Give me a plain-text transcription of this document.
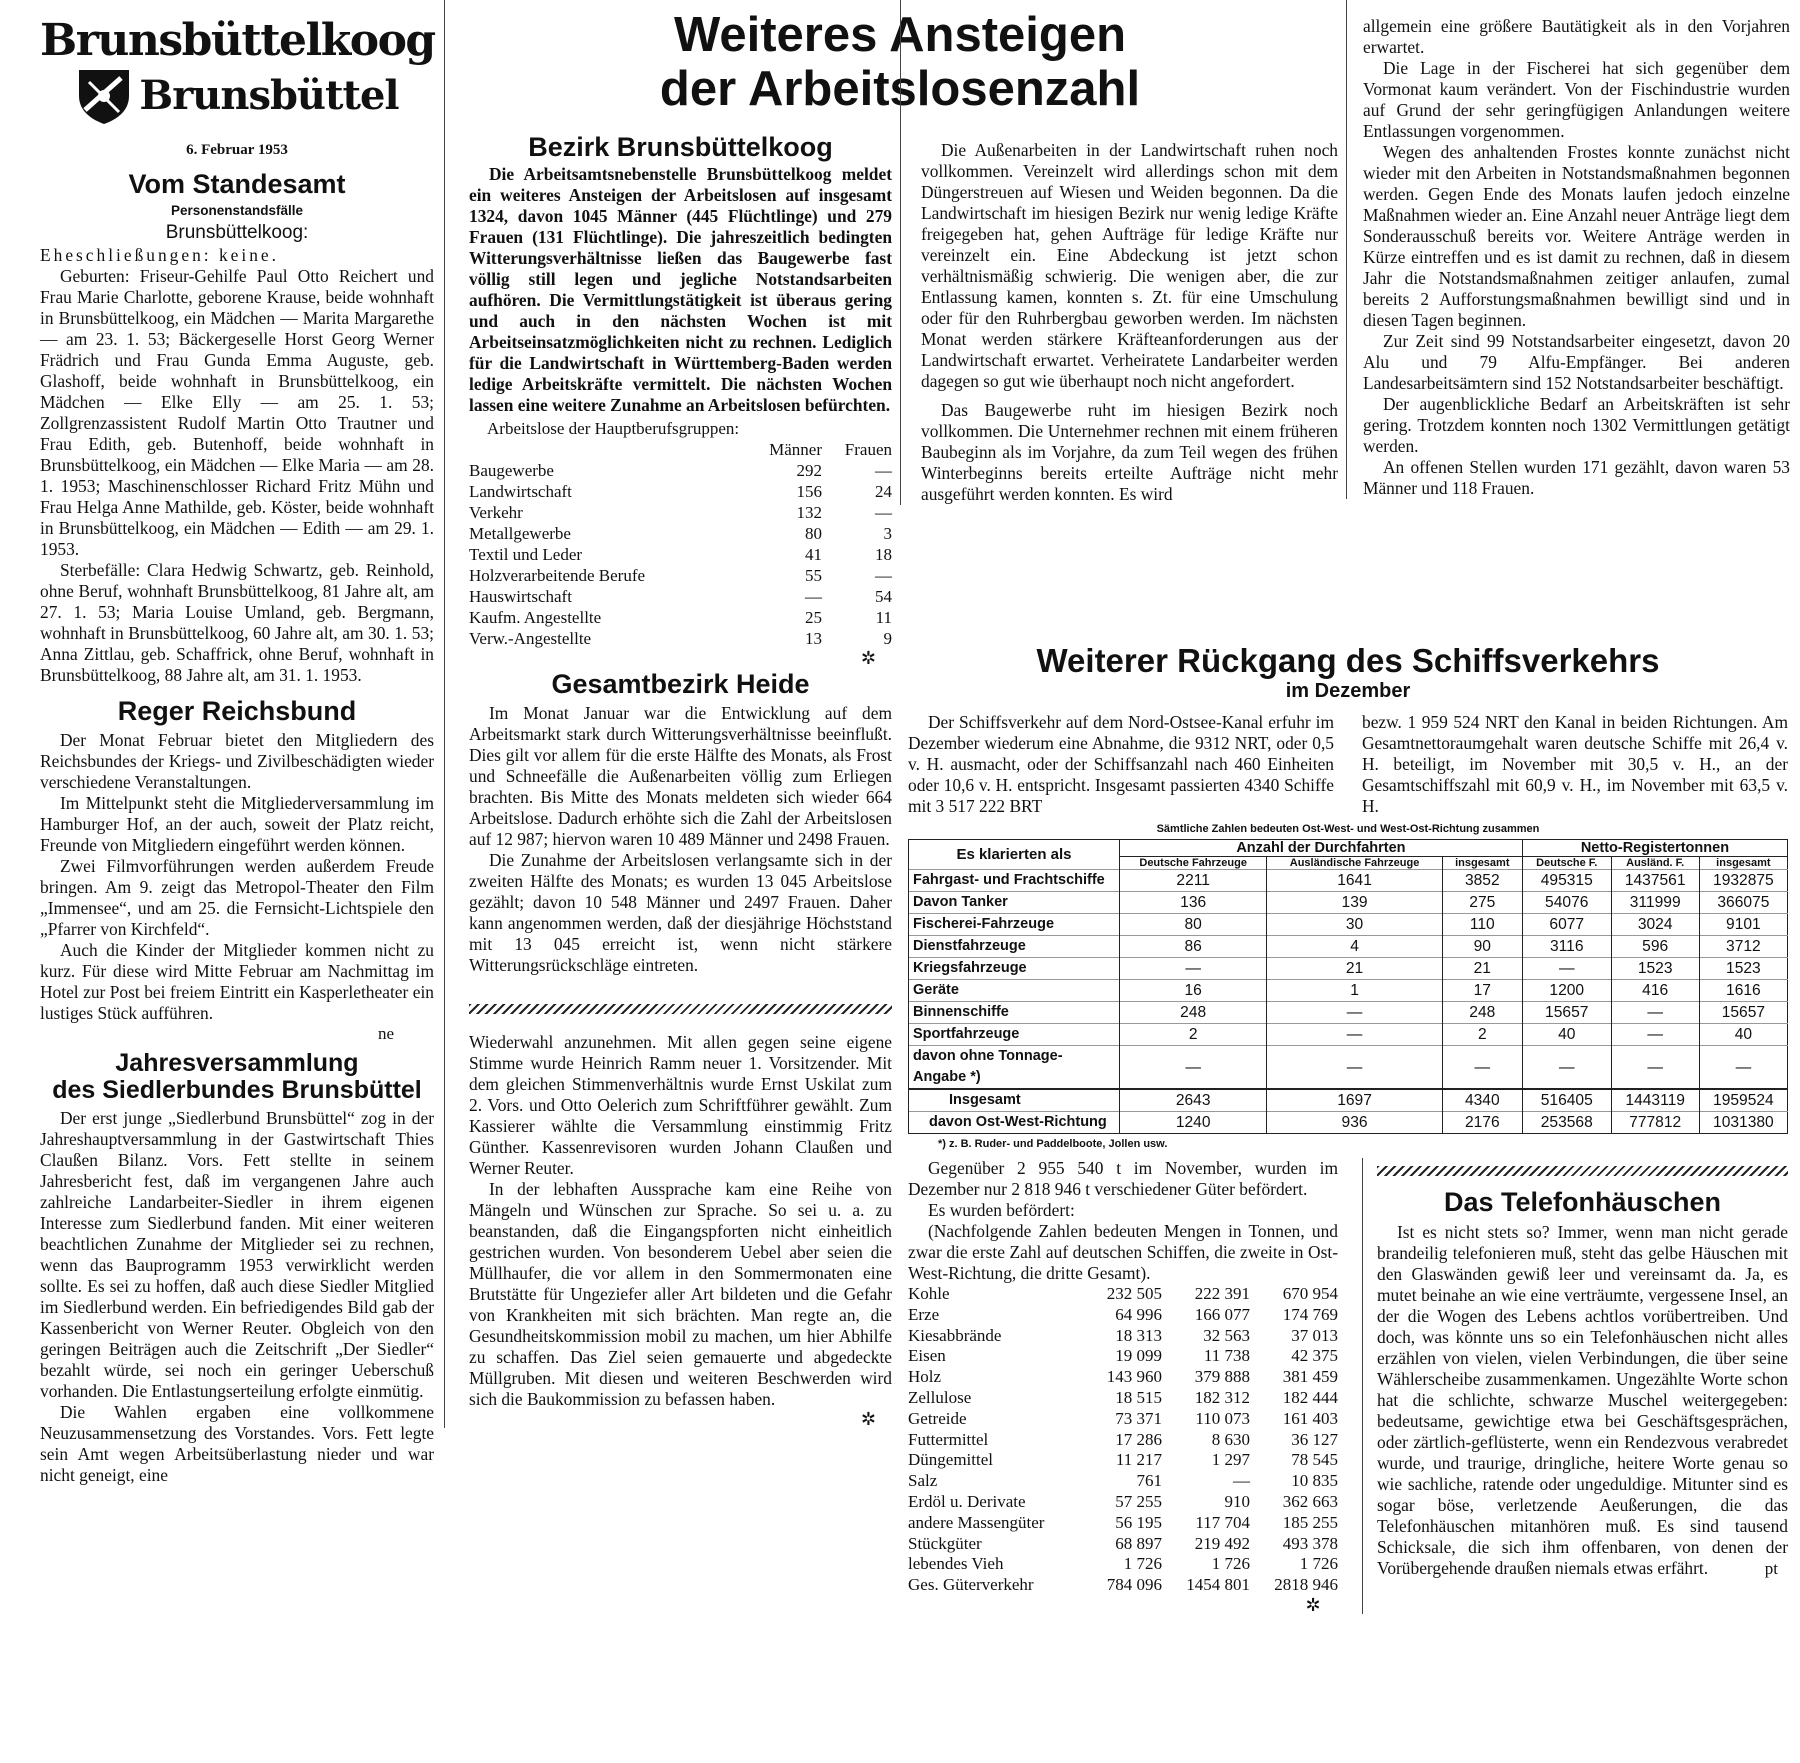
Brunsbüttelkoog
Brunsbüttel
6. Februar 1953
Vom Standesamt
Personenstandsfälle
Brunsbüttelkoog:

Eheschließungen: keine.

Geburten: Friseur-Gehilfe Paul Otto Reichert und Frau Marie Charlotte, geborene Krause, beide wohnhaft in Brunsbüttelkoog, ein Mädchen — Marita Margarethe — am 23. 1. 53; Bäckergeselle Horst Georg Werner Frädrich und Frau Gunda Emma Auguste, geb. Glashoff, beide wohnhaft in Brunsbüttelkoog, ein Mädchen — Elke Elly — am 25. 1. 53; Zollgrenzassistent Rudolf Martin Otto Trautner und Frau Edith, geb. Butenhoff, beide wohnhaft in Brunsbüttelkoog, ein Mädchen — Elke Maria — am 28. 1. 1953; Maschinenschlosser Richard Fritz Mühn und Frau Helga Anne Mathilde, geb. Köster, beide wohnhaft in Brunsbüttelkoog, ein Mädchen — Edith — am 29. 1. 1953.

Sterbefälle: Clara Hedwig Schwartz, geb. Reinhold, ohne Beruf, wohnhaft Brunsbüttelkoog, 81 Jahre alt, am 27. 1. 53; Maria Louise Umland, geb. Bergmann, wohnhaft in Brunsbüttelkoog, 60 Jahre alt, am 30. 1. 53; Anna Zittlau, geb. Schaffrick, ohne Beruf, wohnhaft in Brunsbüttelkoog, 88 Jahre alt, am 31. 1. 1953.

Reger Reichsbund

Der Monat Februar bietet den Mitgliedern des Reichsbundes der Kriegs- und Zivilbeschädigten wieder verschiedene Veranstaltungen.

Im Mittelpunkt steht die Mitgliederversammlung im Hamburger Hof, an der auch, soweit der Platz reicht, Freunde von Mitgliedern eingeführt werden können.

Zwei Filmvorführungen werden außerdem Freude bringen. Am 9. zeigt das Metropol-Theater den Film „Immensee“, und am 25. die Fernsicht-Lichtspiele den „Pfarrer von Kirchfeld“.

Auch die Kinder der Mitglieder kommen nicht zu kurz. Für diese wird Mitte Februar am Nachmittag im Hotel zur Post bei freiem Eintritt ein Kasperletheater ein lustiges Stück aufführen.

ne
Jahresversammlung
des Siedlerbundes Brunsbüttel

Der erst junge „Siedlerbund Brunsbüttel“ zog in der Jahreshauptversammlung in der Gastwirtschaft Thies Claußen Bilanz. Vors. Fett stellte in seinem Jahresbericht fest, daß im vergangenen Jahre auch zahlreiche Landarbeiter-Siedler in ihrem eigenen Interesse zum Siedlerbund fanden. Mit einer weiteren beachtlichen Zunahme der Mitglieder sei zu rechnen, wenn das Bauprogramm 1953 verwirklicht werden sollte. Es sei zu hoffen, daß auch diese Siedler Mitglied im Siedlerbund werden. Ein befriedigendes Bild gab der Kassenbericht von Werner Reuter. Obgleich von den geringen Beiträgen auch die Zeitschrift „Der Siedler“ bezahlt würde, sei noch ein geringer Ueberschuß vorhanden. Die Entlastungserteilung erfolgte einmütig.

Die Wahlen ergaben eine vollkommene Neuzusammensetzung des Vorstandes. Vors. Fett legte sein Amt wegen Arbeitsüberlastung nieder und war nicht geneigt, eine

Bezirk Brunsbüttelkoog

Die Arbeitsamtsnebenstelle Brunsbüttelkoog meldet ein weiteres Ansteigen der Arbeitslosen auf insgesamt 1324, davon 1045 Männer (445 Flüchtlinge) und 279 Frauen (131 Flüchtlinge). Die jahreszeitlich bedingten Witterungsverhältnisse ließen das Baugewerbe fast völlig still legen und jegliche Notstandsarbeiten aufhören. Die Vermittlungstätigkeit ist überaus gering und auch in den nächsten Wochen ist mit Arbeitseinsatzmöglichkeiten nicht zu rechnen. Lediglich für die Landwirtschaft in Württemberg-Baden werden ledige Arbeitskräfte vermittelt. Die nächsten Wochen lassen eine weitere Zunahme an Arbeitslosen befürchten.

Arbeitslose der Hauptberufsgruppen:
	Männer	Frauen
Baugewerbe	292	—
Landwirtschaft	156	24
Verkehr	132	—
Metallgewerbe	80	3
Textil und Leder	41	18
Holzverarbeitende Berufe	55	—
Hauswirtschaft	—	54
Kaufm. Angestellte	25	11
Verw.-Angestellte	13	9
✲
Gesamtbezirk Heide

Im Monat Januar war die Entwicklung auf dem Arbeitsmarkt stark durch Witterungsverhältnisse beeinflußt. Dies gilt vor allem für die erste Hälfte des Monats, als Frost und Schneefälle die Außenarbeiten völlig zum Erliegen brachten. Bis Mitte des Monats meldeten sich wieder 664 Arbeitslose. Dadurch erhöhte sich die Zahl der Arbeitslosen auf 12 987; hiervon waren 10 489 Männer und 2498 Frauen.

Die Zunahme der Arbeitslosen verlangsamte sich in der zweiten Hälfte des Monats; es wurden 13 045 Arbeitslose gezählt; davon 10 548 Männer und 2497 Frauen. Daher kann angenommen werden, daß der diesjährige Höchststand mit 13 045 erreicht ist, wenn nicht stärkere Witterungsrückschläge eintreten.

Wiederwahl anzunehmen. Mit allen gegen seine eigene Stimme wurde Heinrich Ramm neuer 1. Vorsitzender. Mit dem gleichen Stimmenverhältnis wurde Ernst Uskilat zum 2. Vors. und Otto Oelerich zum Schriftführer gewählt. Zum Kassierer wählte die Versammlung einstimmig Fritz Günther. Kassenrevisoren wurden Johann Claußen und Werner Reuter.

In der lebhaften Aussprache kam eine Reihe von Mängeln und Wünschen zur Sprache. So sei u. a. zu beanstanden, daß die Eingangspforten nicht einheitlich gestrichen wurden. Von besonderem Uebel aber seien die Müllhaufer, die vor allem in den Sommermonaten eine Brutstätte für Ungeziefer aller Art bildeten und die Gefahr von Krankheiten mit sich brächten. Man regte an, die Gesundheitskommission mobil zu machen, um hier Abhilfe zu schaffen. Das Ziel seien gemauerte und abgedeckte Müllgruben. Mit diesen und weiteren Beschwerden wird sich die Baukommission zu befassen haben.

✲
Weiteres Ansteigen
der Arbeitslosenzahl

Die Außenarbeiten in der Landwirtschaft ruhen noch vollkommen. Vereinzelt wird allerdings schon mit dem Düngerstreuen auf Wiesen und Weiden begonnen. Da die Landwirtschaft im hiesigen Bezirk nur wenig ledige Kräfte freigegeben hat, gehen Aufträge für ledige Kräfte nur vereinzelt ein. Eine Abdeckung ist jetzt schon verhältnismäßig schwierig. Die wenigen aber, die zur Entlassung kamen, konnten s. Zt. für eine Umschulung oder für den Ruhrbergbau geworben werden. Im nächsten Monat werden stärkere Kräfteanforderungen aus der Landwirtschaft erwartet. Verheiratete Landarbeiter werden dagegen so gut wie überhaupt noch nicht angefordert.

Das Baugewerbe ruht im hiesigen Bezirk noch vollkommen. Die Unternehmer rechnen mit einem früheren Baubeginn als im Vorjahre, da zum Teil wegen des frühen Winterbeginns bereits erteilte Aufträge nicht mehr ausgeführt werden konnten. Es wird

allgemein eine größere Bautätigkeit als in den Vorjahren erwartet.

Die Lage in der Fischerei hat sich gegenüber dem Vormonat kaum verändert. Von der Fischindustrie wurden auf Grund der sehr geringfügigen Anlandungen weitere Entlassungen vorgenommen.

Wegen des anhaltenden Frostes konnte zunächst nicht wieder mit den Arbeiten in Notstandsmaßnahmen begonnen werden. Gegen Ende des Monats laufen jedoch einzelne Maßnahmen wieder an. Eine Anzahl neuer Anträge liegt dem Sonderausschuß bereits vor. Weitere Anträge werden in Kürze eintreffen und es ist damit zu rechnen, daß in diesem Jahr die Notstandsmaßnahmen zeitiger anlaufen, zumal bereits 2 Aufforstungsmaßnahmen bewilligt sind und in diesen Tagen beginnen.

Zur Zeit sind 99 Notstandsarbeiter eingesetzt, davon 20 Alu und 79 Alfu-Empfänger. Bei anderen Landesarbeitsämtern sind 152 Notstandsarbeiter beschäftigt.

Der augenblickliche Bedarf an Arbeitskräften ist sehr gering. Trotzdem konnten noch 1302 Vermittlungen getätigt werden.

An offenen Stellen wurden 171 gezählt, davon waren 53 Männer und 118 Frauen.

Weiterer Rückgang des Schiffsverkehrs
im Dezember

Der Schiffsverkehr auf dem Nord-Ostsee-Kanal erfuhr im Dezember wiederum eine Abnahme, die 9312 NRT, oder 0,5 v. H. ausmacht, oder der Schiffsanzahl nach 460 Einheiten oder 10,6 v. H. entspricht. Insgesamt passierten 4340 Schiffe mit 3 517 222 BRT

bezw. 1 959 524 NRT den Kanal in beiden Richtungen. Am Gesamtnettoraumgehalt waren deutsche Schiffe mit 26,4 v. H. beteiligt, im November mit 30,5 v. H., an der Gesamtschiffszahl mit 60,9 v. H., im November mit 63,5 v. H.

Sämtliche Zahlen bedeuten Ost-West- und West-Ost-Richtung zusammen
Es klarierten als	Anzahl der Durchfahrten			Netto-Registertonnen		
	Deutsche Fahrzeuge	Ausländische Fahrzeuge	insgesamt	Deutsche F.	Ausländ. F.	insgesamt
Fahrgast- und Frachtschiffe	2211	1641	3852	495315	1437561	1932875
Davon Tanker	136	139	275	54076	311999	366075
Fischerei-Fahrzeuge	80	30	110	6077	3024	9101
Dienstfahrzeuge	86	4	90	3116	596	3712
Kriegsfahrzeuge	—	21	21	—	1523	1523
Geräte	16	1	17	1200	416	1616
Binnenschiffe	248	—	248	15657	—	15657
Sportfahrzeuge	2	—	2	40	—	40
davon ohne Tonnage-Angabe *)	—	—	—	—	—	—
Insgesamt	2643	1697	4340	516405	1443119	1959524
davon Ost-West-Richtung	1240	936	2176	253568	777812	1031380
*) z. B. Ruder- und Paddelboote, Jollen usw.

Gegenüber 2 955 540 t im November, wurden im Dezember nur 2 818 946 t verschiedener Güter befördert.

Es wurden befördert:

(Nachfolgende Zahlen bedeuten Mengen in Tonnen, und zwar die erste Zahl auf deutschen Schiffen, die zweite in Ost-West-Richtung, die dritte Gesamt).

Kohle	232 505	222 391	670 954
Erze	64 996	166 077	174 769
Kiesabbrände	18 313	32 563	37 013
Eisen	19 099	11 738	42 375
Holz	143 960	379 888	381 459
Zellulose	18 515	182 312	182 444
Getreide	73 371	110 073	161 403
Futtermittel	17 286	8 630	36 127
Düngemittel	11 217	1 297	78 545
Salz	761	—	10 835
Erdöl u. Derivate	57 255	910	362 663
andere Massengüter	56 195	117 704	185 255
Stückgüter	68 897	219 492	493 378
lebendes Vieh	1 726	1 726	1 726
Ges. Güterverkehr	784 096	1454 801	2818 946
✲
Das Telefonhäuschen

Ist es nicht stets so? Immer, wenn man nicht gerade brandeilig telefonieren muß, steht das gelbe Häuschen mit den Glaswänden gewiß leer und vereinsamt da. Ja, es mutet beinahe an wie eine verträumte, vergessene Insel, an der die Wogen des Lebens achtlos vorübertreiben. Und doch, was könnte uns so ein Telefonhäuschen nicht alles erzählen von vielen, vielen Verbindungen, die über seine Wählerscheibe zusammenkamen. Ungezählte Worte schon hat die schlichte, schwarze Muschel weitergegeben: bedeutsame, gewichtige etwa bei Geschäftsgesprächen, oder zärtlich-geflüsterte, wenn ein Rendezvous verabredet wurde, und traurige, dringliche, heitere Worte genau so wie sachliche, ratende oder ungeduldige. Mitunter sind es sogar böse, verletzende Aeußerungen, die das Telefonhäuschen mitanhören muß. Es sind tausend Schicksale, die sich ihm offenbaren, von denen der Vorübergehende draußen niemals etwas erfährt.	pt
